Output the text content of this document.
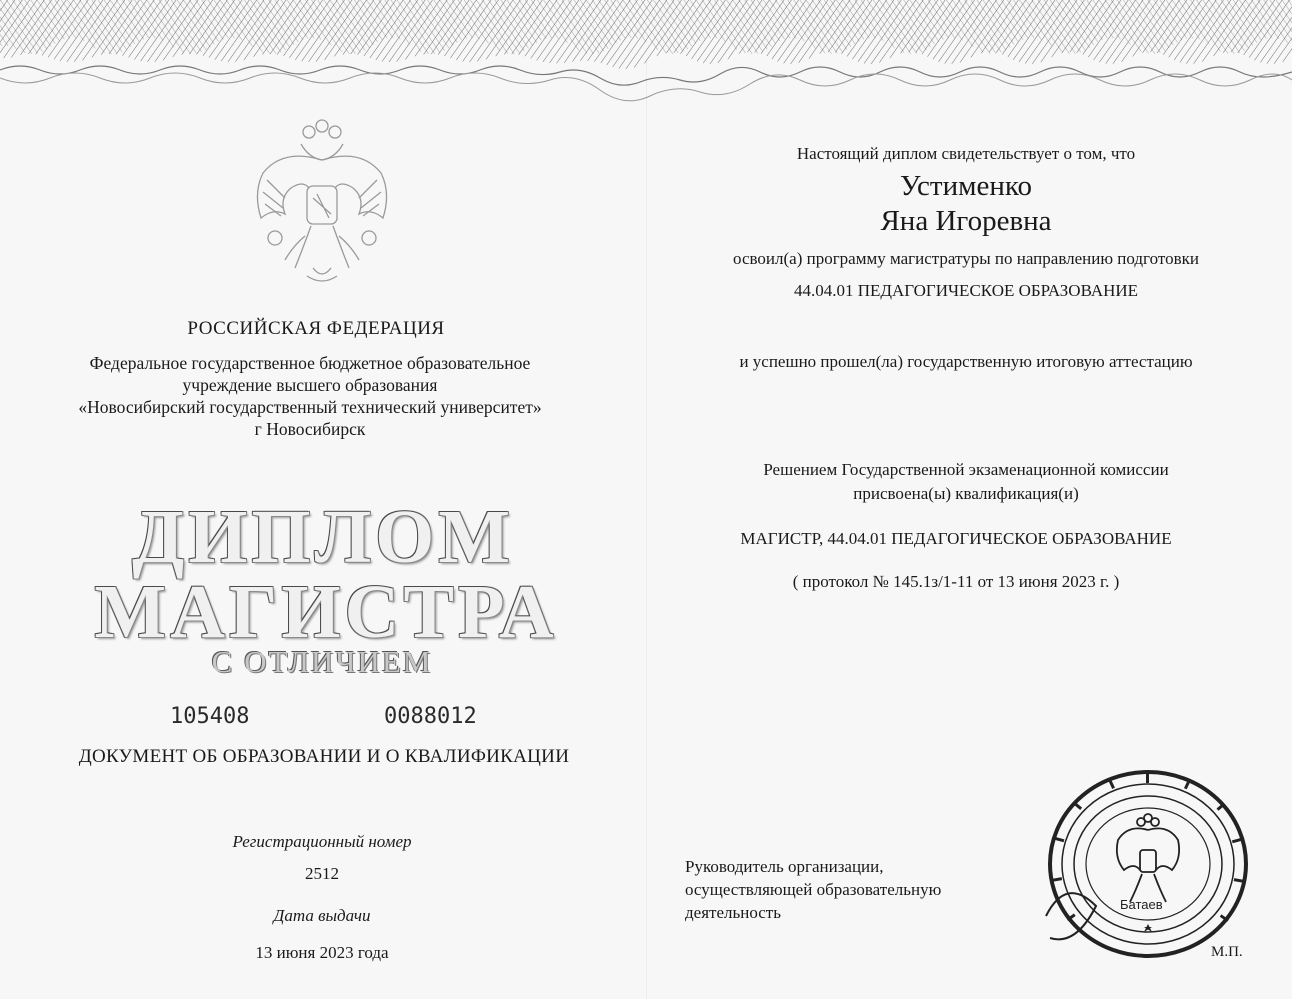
РОССИЙСКАЯ ФЕДЕРАЦИЯ
Федеральное государственное бюджетное образовательное
учреждение высшего образования
«Новосибирский государственный технический университет»
г Новосибирск
ДИПЛОМ
МАГИСТРА
С ОТЛИЧИЕМ
105408	0088012
ДОКУМЕНТ ОБ ОБРАЗОВАНИИ И О КВАЛИФИКАЦИИ
Регистрационный номер
2512
Дата выдачи
13 июня 2023 года
Настоящий диплом свидетельствует о том, что
Устименко
Яна Игоревна
освоил(а) программу магистратуры по направлению подготовки
44.04.01 ПЕДАГОГИЧЕСКОЕ ОБРАЗОВАНИЕ
и успешно прошел(ла) государственную итоговую аттестацию
Решением Государственной экзаменационной комиссии
присвоена(ы) квалификация(и)
МАГИСТР, 44.04.01 ПЕДАГОГИЧЕСКОЕ ОБРАЗОВАНИЕ
( протокол № 145.1з/1-11 от 13 июня 2023 г. )
Руководитель организации,
осуществляющей образовательную
деятельность	Батаев
М.П.
